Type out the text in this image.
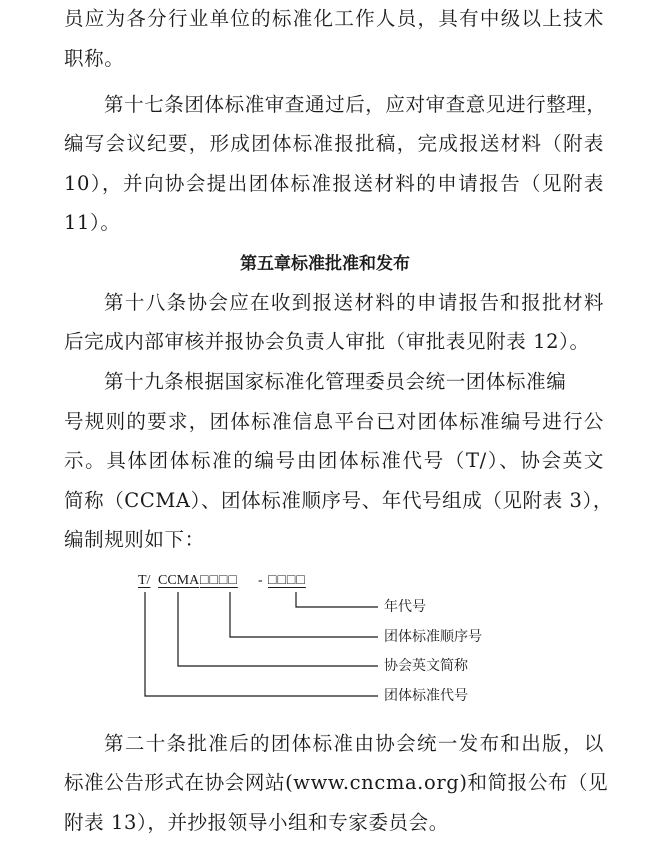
员应为各分行业单位的标准化工作人员，具有中级以上技术
职称。
第十七条团体标准审查通过后，应对审查意见进行整理，
编写会议纪要，形成团体标准报批稿，完成报送材料（附表
10），并向协会提出团体标准报送材料的申请报告（见附表
11）。
第五章标准批准和发布
第十八条协会应在收到报送材料的申请报告和报批材料
后完成内部审核并报协会负责人审批（审批表见附表 12）。
第十九条根据国家标准化管理委员会统一团体标准编
号规则的要求，团体标准信息平台已对团体标准编号进行公
示。具体团体标准的编号由团体标准代号（T/）、协会英文
简称（CCMA）、团体标准顺序号、年代号组成（见附表 3），
编制规则如下：
T/ CCMA □□□□ - □□□□
年代号
团体标准顺序号
协会英文简称
团体标准代号
第二十条批准后的团体标准由协会统一发布和出版，以
标准公告形式在协会网站(www.cncma.org)和简报公布（见
附表 13），并抄报领导小组和专家委员会。
